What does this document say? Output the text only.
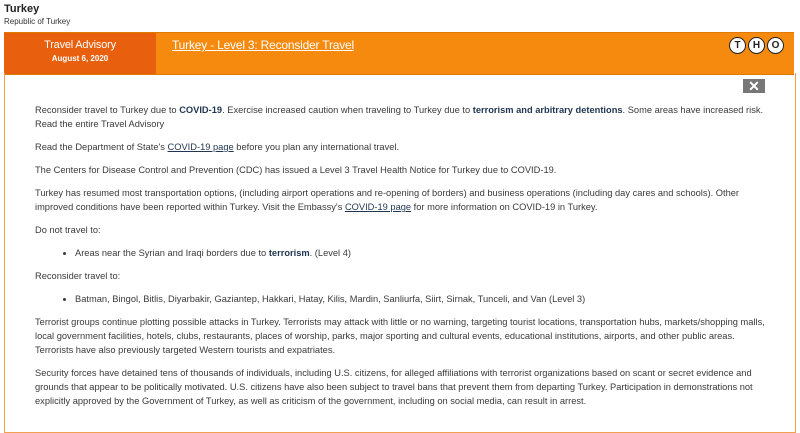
Turkey
Republic of Turkey
Travel Advisory
August 6, 2020
Turkey - Level 3: Reconsider Travel	T	H	O
✕

Reconsider travel to Turkey due to COVID-19. Exercise increased caution when traveling to Turkey due to terrorism and arbitrary detentions. Some areas have increased risk. Read the entire Travel Advisory

Read the Department of State's COVID-19 page before you plan any international travel.

The Centers for Disease Control and Prevention (CDC) has issued a Level 3 Travel Health Notice for Turkey due to COVID-19.

Turkey has resumed most transportation options, (including airport operations and re-opening of borders) and business operations (including day cares and schools). Other improved conditions have been reported within Turkey. Visit the Embassy's COVID-19 page for more information on COVID-19 in Turkey.

Do not travel to:

• Areas near the Syrian and Iraqi borders due to terrorism. (Level 4)

Reconsider travel to:

• Batman, Bingol, Bitlis, Diyarbakir, Gaziantep, Hakkari, Hatay, Kilis, Mardin, Sanliurfa, Siirt, Sirnak, Tunceli, and Van (Level 3)

Terrorist groups continue plotting possible attacks in Turkey. Terrorists may attack with little or no warning, targeting tourist locations, transportation hubs, markets/shopping malls, local government facilities, hotels, clubs, restaurants, places of worship, parks, major sporting and cultural events, educational institutions, airports, and other public areas. Terrorists have also previously targeted Western tourists and expatriates.

Security forces have detained tens of thousands of individuals, including U.S. citizens, for alleged affiliations with terrorist organizations based on scant or secret evidence and grounds that appear to be politically motivated. U.S. citizens have also been subject to travel bans that prevent them from departing Turkey. Participation in demonstrations not explicitly approved by the Government of Turkey, as well as criticism of the government, including on social media, can result in arrest.
